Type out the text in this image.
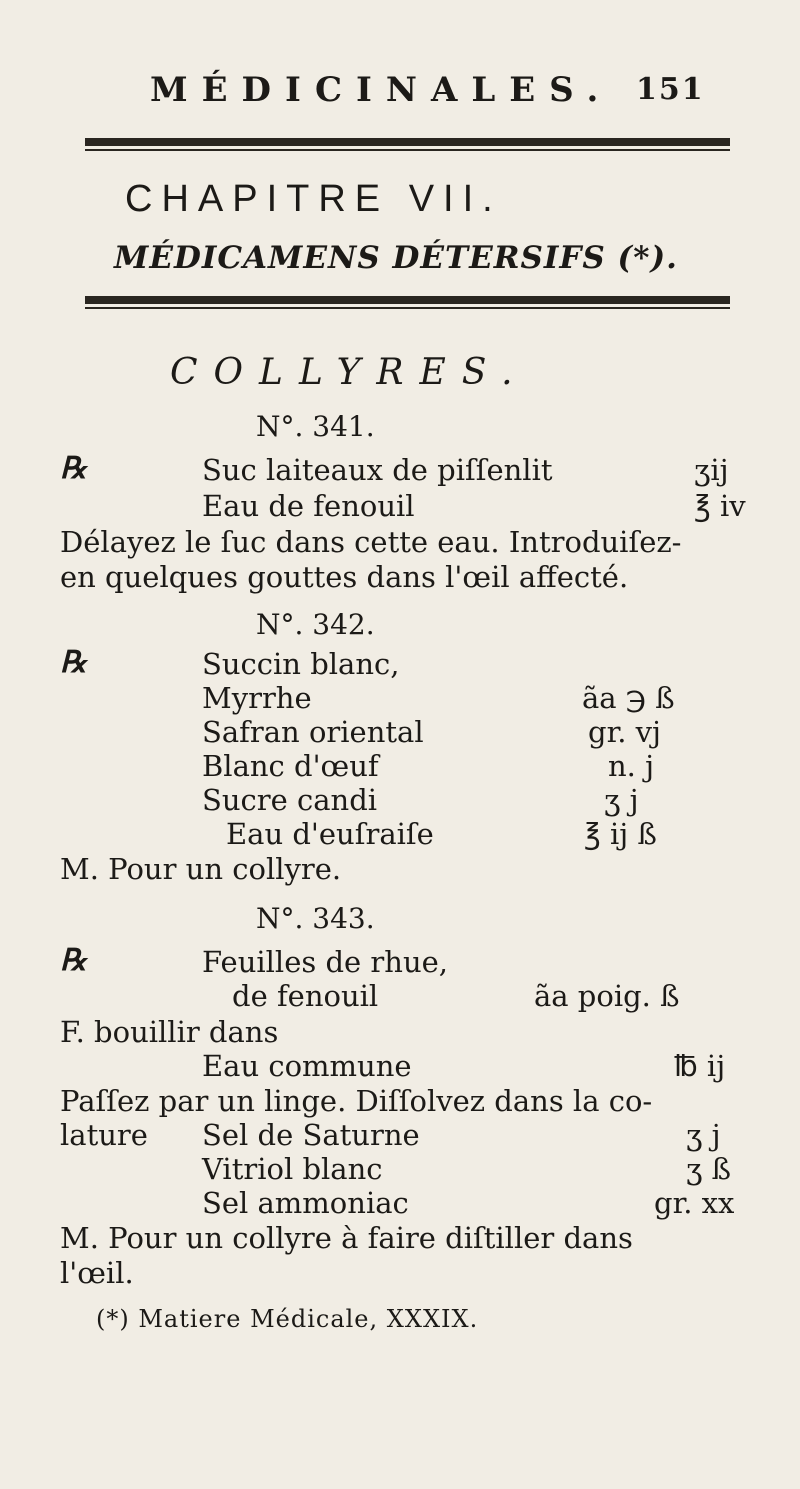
MÉDICINALES. 151
CHAPITRE VII.
MÉDICAMENS DÉTERSIFS (*).
COLLYRES.
N°. 341.
℞	Suc laiteaux de piſſenlit	ʒij
Eau de fenouil	℥ iv
Délayez le ſuc dans cette eau. Introduiſez-
en quelques gouttes dans l'œil affecté.
N°. 342.
℞	Succin blanc,
Myrrhe	ãa ℈ ß
Safran oriental	gr. vj
Blanc d'œuf	n. j
Sucre candi	ʒ j
Eau d'euſraiſe	℥ ij ß
M. Pour un collyre.
N°. 343.
℞	Feuilles de rhue,
de fenouil	ãa poig. ß
F. bouillir dans
Eau commune	℔ ij
Paſſez par un linge. Diſſolvez dans la co-
lature Sel de Saturne	ʒ j
Vitriol blanc	ʒ ß
Sel ammoniac	gr. xx
M. Pour un collyre à faire diſtiller dans
l'œil.
(*) Matiere Médicale, XXXIX.
